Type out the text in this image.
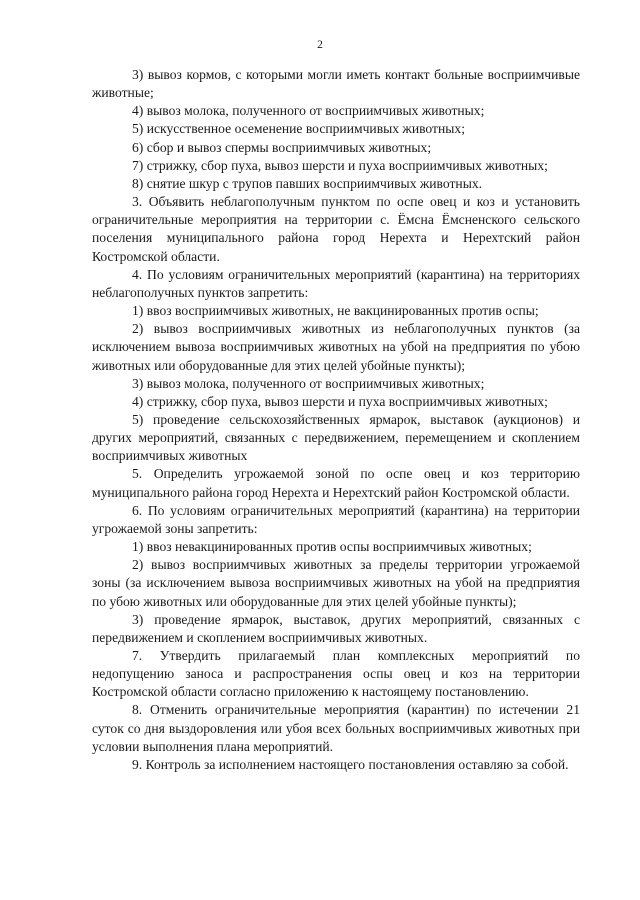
2

3) вывоз кормов, с которыми могли иметь контакт больные восприимчивые животные;

4) вывоз молока, полученного от восприимчивых животных;

5) искусственное осеменение восприимчивых животных;

6) сбор и вывоз спермы восприимчивых животных;

7) стрижку, сбор пуха, вывоз шерсти и пуха восприимчивых животных;

8) снятие шкур с трупов павших восприимчивых животных.

3. Объявить неблагополучным пунктом по оспе овец и коз и установить ограничительные мероприятия на территории с. Ёмсна Ёмсненского сельского поселения муниципального района город Нерехта и Нерехтский район Костромской области.

4. По условиям ограничительных мероприятий (карантина) на территориях неблагополучных пунктов запретить:

1) ввоз восприимчивых животных, не вакцинированных против оспы;

2) вывоз восприимчивых животных из неблагополучных пунктов (за исключением вывоза восприимчивых животных на убой на предприятия по убою животных или оборудованные для этих целей убойные пункты);

3) вывоз молока, полученного от восприимчивых животных;

4) стрижку, сбор пуха, вывоз шерсти и пуха восприимчивых животных;

5) проведение сельскохозяйственных ярмарок, выставок (аукционов) и других мероприятий, связанных с передвижением, перемещением и скоплением восприимчивых животных

5. Определить угрожаемой зоной по оспе овец и коз территорию муниципального района город Нерехта и Нерехтский район Костромской области.

6. По условиям ограничительных мероприятий (карантина) на территории угрожаемой зоны запретить:

1) ввоз невакцинированных против оспы восприимчивых животных;

2) вывоз восприимчивых животных за пределы территории угрожаемой зоны (за исключением вывоза восприимчивых животных на убой на предприятия по убою животных или оборудованные для этих целей убойные пункты);

3) проведение ярмарок, выставок, других мероприятий, связанных с передвижением и скоплением восприимчивых животных.

7. Утвердить прилагаемый план комплексных мероприятий по недопущению заноса и распространения оспы овец и коз на территории Костромской области согласно приложению к настоящему постановлению.

8. Отменить ограничительные мероприятия (карантин) по истечении 21 суток со дня выздоровления или убоя всех больных восприимчивых животных при условии выполнения плана мероприятий.

9. Контроль за исполнением настоящего постановления оставляю за собой.
